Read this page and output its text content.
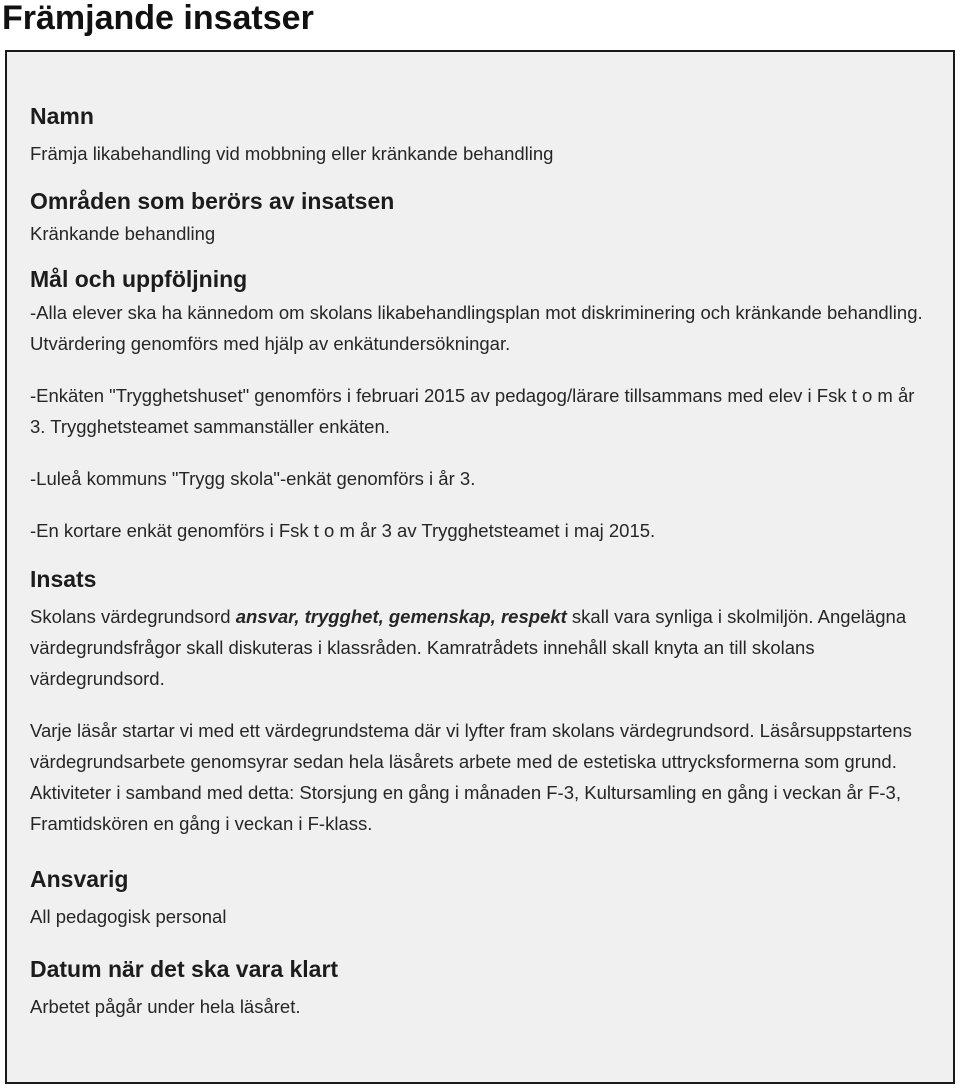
Främjande insatser
Namn

Främja likabehandling vid mobbning eller kränkande behandling

Områden som berörs av insatsen

Kränkande behandling

Mål och uppföljning

-Alla elever ska ha kännedom om skolans likabehandlingsplan mot diskriminering och kränkande behandling. Utvärdering genomförs med hjälp av enkätundersökningar.

-Enkäten "Trygghetshuset" genomförs i februari 2015 av pedagog/lärare tillsammans med elev i Fsk t o m år 3. Trygghetsteamet sammanställer enkäten.

-Luleå kommuns "Trygg skola"-enkät genomförs i år 3.

-En kortare enkät genomförs i Fsk t o m år 3 av Trygghetsteamet i maj 2015.

Insats

Skolans värdegrundsord ansvar, trygghet, gemenskap, respekt skall vara synliga i skolmiljön. Angelägna värdegrundsfrågor skall diskuteras i klassråden. Kamratrådets innehåll skall knyta an till skolans värdegrundsord.

Varje läsår startar vi med ett värdegrundstema där vi lyfter fram skolans värdegrundsord. Läsårsuppstartens värdegrundsarbete genomsyrar sedan hela läsårets arbete med de estetiska uttrycksformerna som grund. Aktiviteter i samband med detta: Storsjung en gång i månaden F-3, Kultursamling en gång i veckan år F-3, Framtidskören en gång i veckan i F-klass.

Ansvarig

All pedagogisk personal

Datum när det ska vara klart

Arbetet pågår under hela läsåret.
